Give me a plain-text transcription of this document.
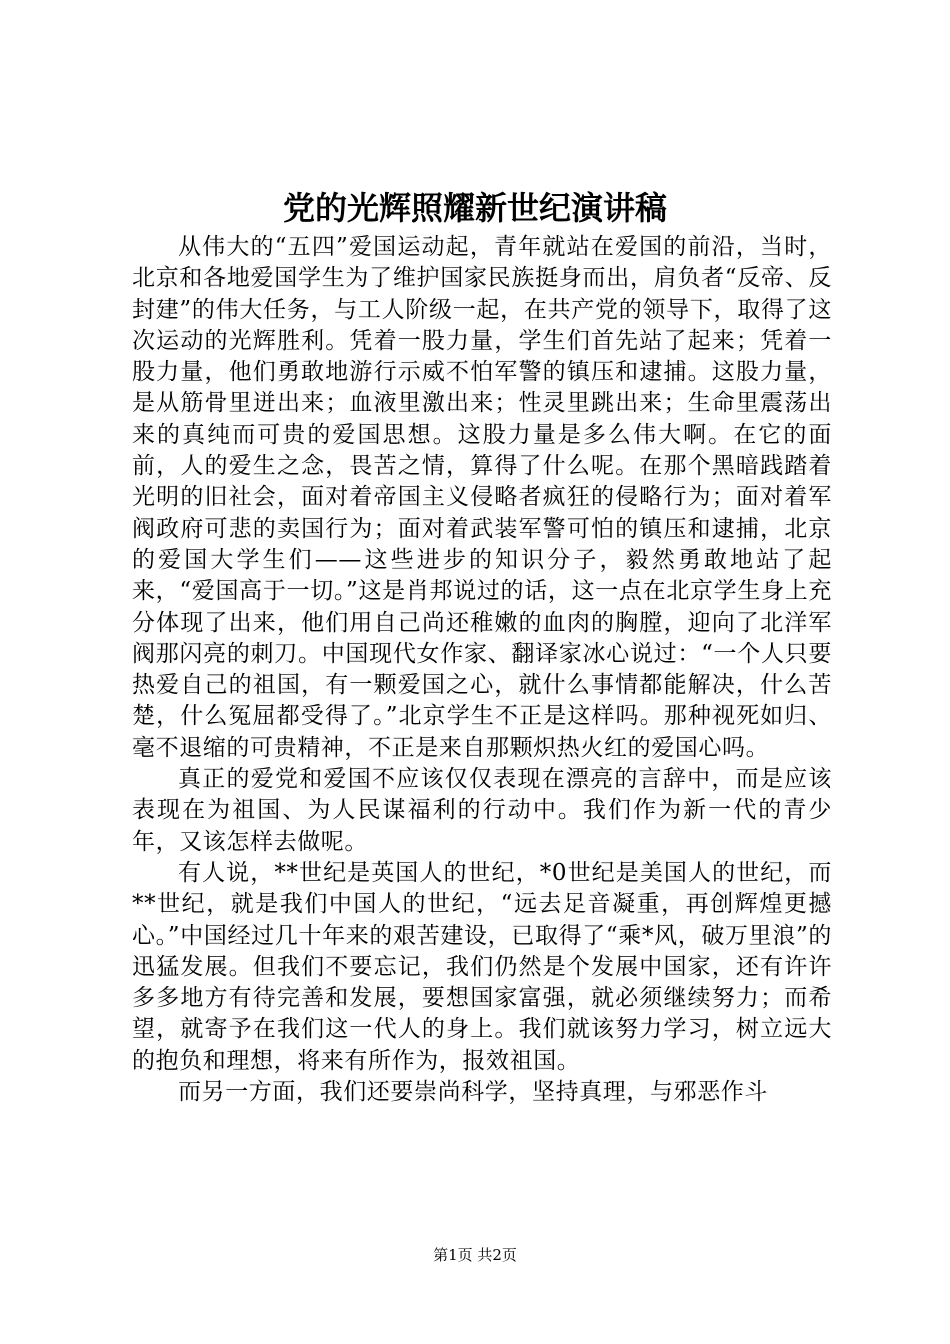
党的光辉照耀新世纪演讲稿

从伟大的“五四”爱国运动起，青年就站在爱国的前沿，当时，北京和各地爱国学生为了维护国家民族挺身而出，肩负者“反帝、反封建”的伟大任务，与工人阶级一起，在共产党的领导下，取得了这次运动的光辉胜利。凭着一股力量，学生们首先站了起来；凭着一股力量，他们勇敢地游行示威不怕军警的镇压和逮捕。这股力量，是从筋骨里迸出来；血液里激出来；性灵里跳出来；生命里震荡出来的真纯而可贵的爱国思想。这股力量是多么伟大啊。在它的面前，人的爱生之念，畏苦之情，算得了什么呢。在那个黑暗践踏着光明的旧社会，面对着帝国主义侵略者疯狂的侵略行为；面对着军阀政府可悲的卖国行为；面对着武装军警可怕的镇压和逮捕，北京的爱国大学生们——这些进步的知识分子，毅然勇敢地站了起来，“爱国高于一切。”这是肖邦说过的话，这一点在北京学生身上充分体现了出来，他们用自己尚还稚嫩的血肉的胸膛，迎向了北洋军阀那闪亮的刺刀。中国现代女作家、翻译家冰心说过：“一个人只要热爱自己的祖国，有一颗爱国之心，就什么事情都能解决，什么苦楚，什么冤屈都受得了。”北京学生不正是这样吗。那种视死如归、毫不退缩的可贵精神，不正是来自那颗炽热火红的爱国心吗。

真正的爱党和爱国不应该仅仅表现在漂亮的言辞中，而是应该表现在为祖国、为人民谋福利的行动中。我们作为新一代的青少年，又该怎样去做呢。

有人说，**世纪是英国人的世纪，*0世纪是美国人的世纪，而**世纪，就是我们中国人的世纪，“远去足音凝重，再创辉煌更撼心。”中国经过几十年来的艰苦建设，已取得了“乘*风，破万里浪”的迅猛发展。但我们不要忘记，我们仍然是个发展中国家，还有许许多多地方有待完善和发展，要想国家富强，就必须继续努力；而希望，就寄予在我们这一代人的身上。我们就该努力学习，树立远大的抱负和理想，将来有所作为，报效祖国。

而另一方面，我们还要崇尚科学，坚持真理，与邪恶作斗

第1页 共2页
